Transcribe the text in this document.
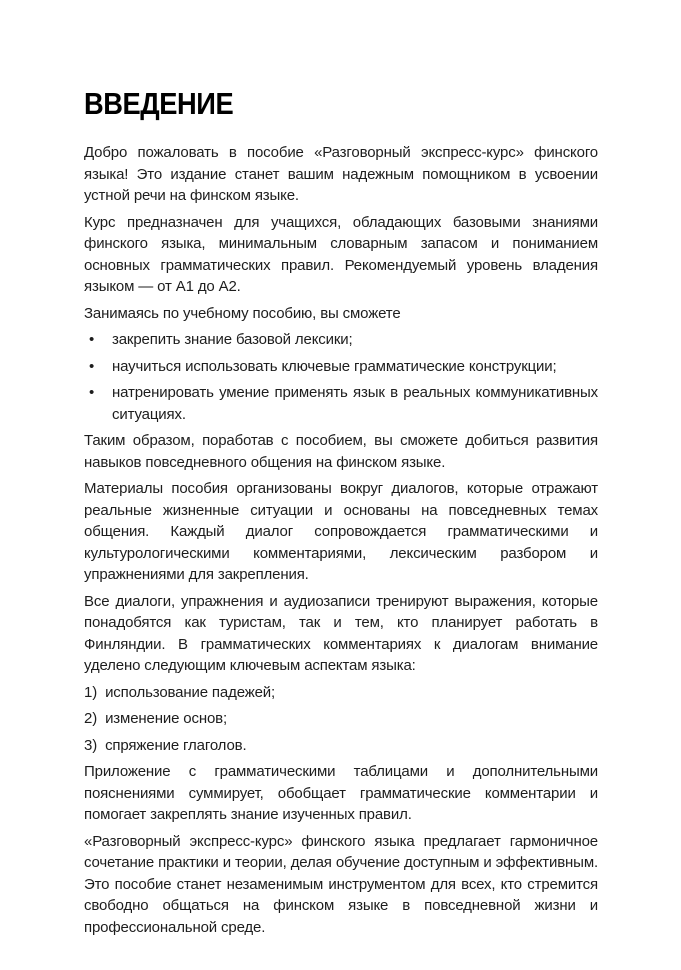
ВВЕДЕНИЕ

Добро пожаловать в пособие «Разговорный экспресс-курс» финского языка! Это издание станет вашим надежным помощником в усвоении устной речи на финском языке.

Курс предназначен для учащихся, обладающих базовыми знаниями финского языка, минимальным словарным запасом и пониманием основных грамматических правил. Рекомендуемый уровень владения языком — от А1 до А2.

Занимаясь по учебному пособию, вы сможете

•	закрепить знание базовой лексики;
•	научиться использовать ключевые грамматические конструкции;
•	натренировать умение применять язык в реальных коммуникативных ситуациях.

Таким образом, поработав с пособием, вы сможете добиться развития навыков повседневного общения на финском языке.

Материалы пособия организованы вокруг диалогов, которые отражают реальные жизненные ситуации и основаны на повседневных темах общения. Каждый диалог сопровождается грамматическими и культурологическими комментариями, лексическим разбором и упражнениями для закрепления.

Все диалоги, упражнения и аудиозаписи тренируют выражения, которые понадобятся как туристам, так и тем, кто планирует работать в Финляндии. В грамматических комментариях к диалогам внимание уделено следующим ключевым аспектам языка:

1) использование падежей;

2) изменение основ;

3) спряжение глаголов.

Приложение с грамматическими таблицами и дополнительными пояснениями суммирует, обобщает грамматические комментарии и помогает закреплять знание изученных правил.

«Разговорный экспресс-курс» финского языка предлагает гармоничное сочетание практики и теории, делая обучение доступным и эффективным. Это пособие станет незаменимым инструментом для всех, кто стремится свободно общаться на финском языке в повседневной жизни и профессиональной среде.
